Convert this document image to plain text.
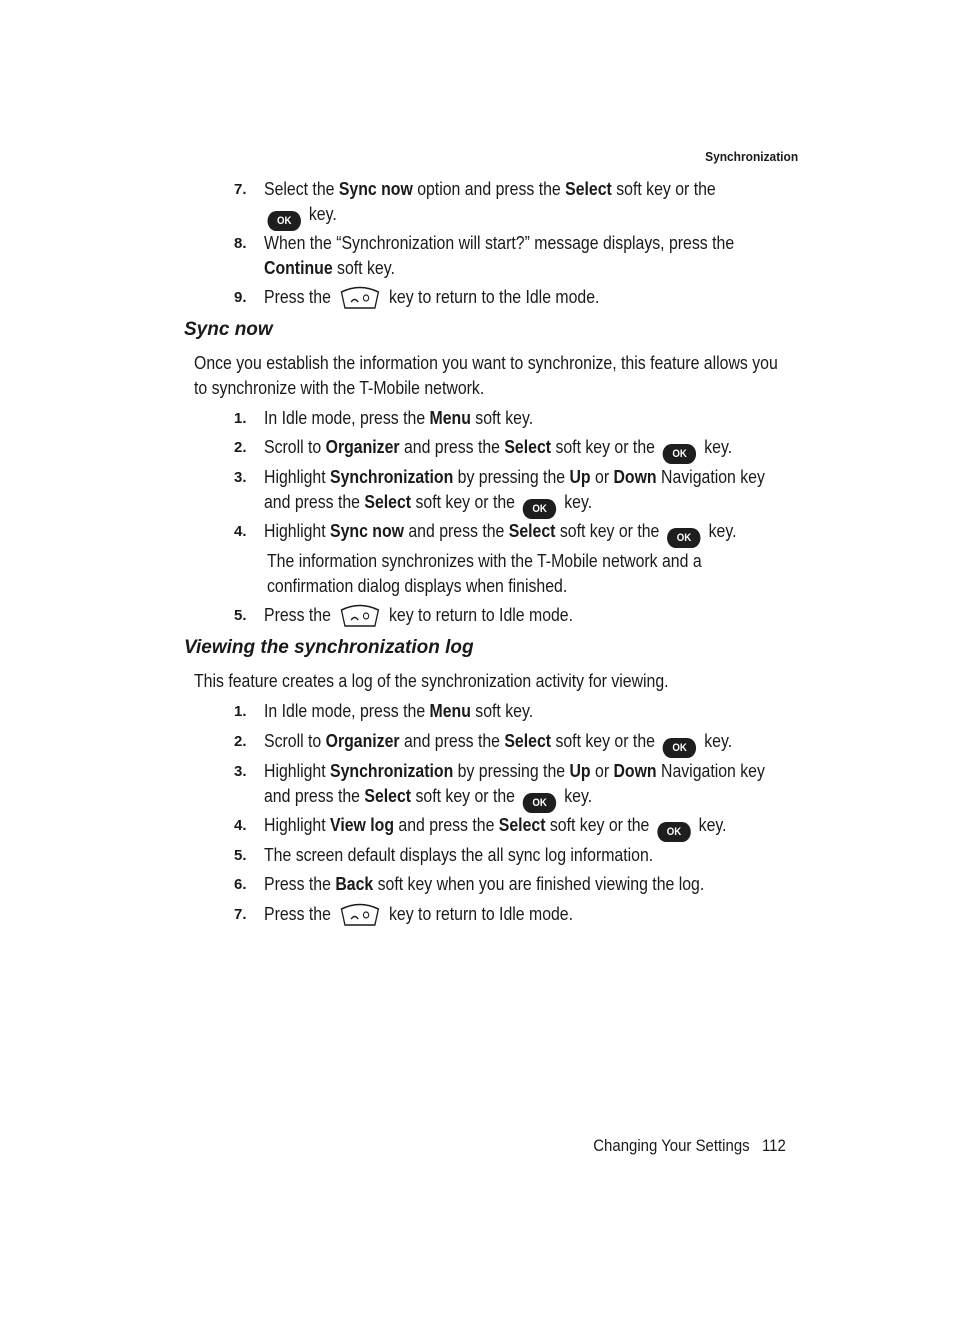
Synchronization
7. Select the Sync now option and press the Select soft key or the
OK key.
8. When the “Synchronization will start?” message displays, press the
Continue soft key.
9. Press the	key to return to the Idle mode.
Sync now
Once you establish the information you want to synchronize, this feature allows you
to synchronize with the T-Mobile network.
1. In Idle mode, press the Menu soft key.
2. Scroll to Organizer and press the Select soft key or the OK key.
3. Highlight Synchronization by pressing the Up or Down Navigation key
and press the Select soft key or the OK key.
4. Highlight Sync now and press the Select soft key or the OK key.
The information synchronizes with the T-Mobile network and a
confirmation dialog displays when finished.
5. Press the	key to return to Idle mode.
Viewing the synchronization log
This feature creates a log of the synchronization activity for viewing.
1. In Idle mode, press the Menu soft key.
2. Scroll to Organizer and press the Select soft key or the OK key.
3. Highlight Synchronization by pressing the Up or Down Navigation key
and press the Select soft key or the OK key.
4. Highlight View log and press the Select soft key or the OK key.
5. The screen default displays the all sync log information.
6. Press the Back soft key when you are finished viewing the log.
7. Press the	key to return to Idle mode.
Changing Your Settings 112
